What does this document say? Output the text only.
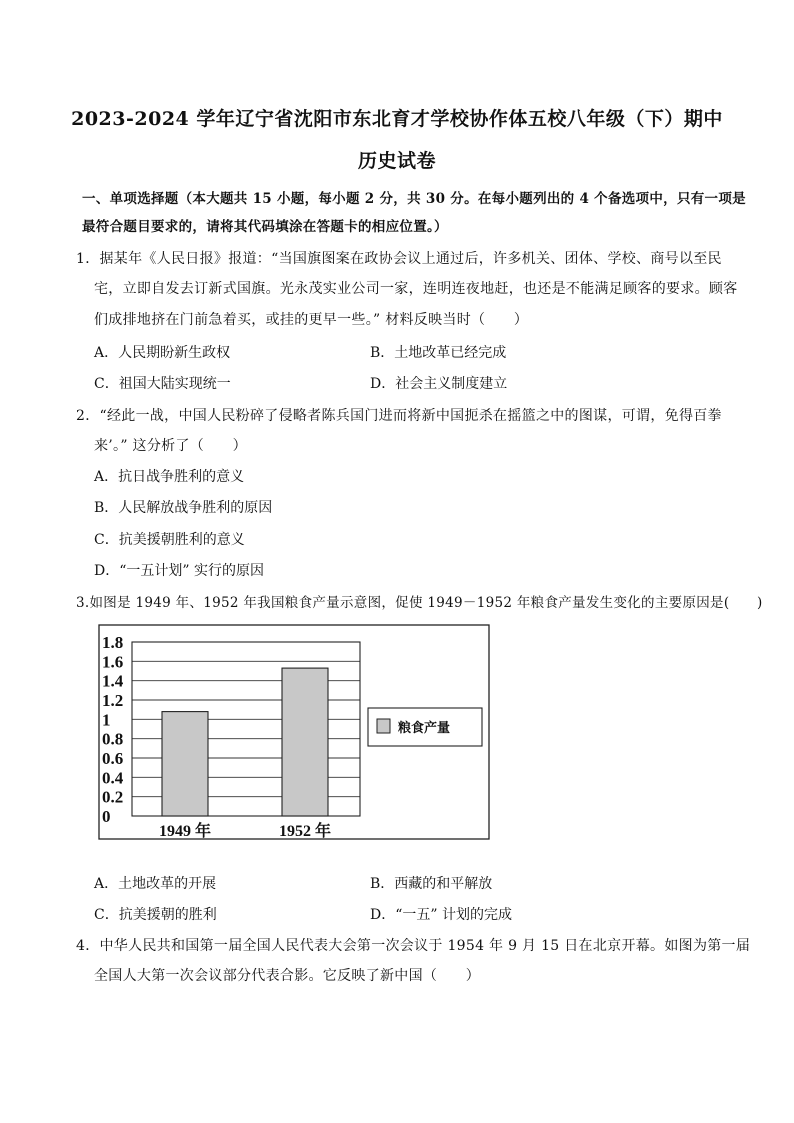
2023-2024 学年辽宁省沈阳市东北育才学校协作体五校八年级（下）期中
历史试卷
一、单项选择题（本大题共 15 小题，每小题 2 分，共 30 分。在每小题列出的 4 个备选项中，只有一项是
最符合题目要求的，请将其代码填涂在答题卡的相应位置。）
1．据某年《人民日报》报道：“当国旗图案在政协会议上通过后，许多机关、团体、学校、商号以至民
宅，立即自发去订新式国旗。光永茂实业公司一家，连明连夜地赶，也还是不能满足顾客的要求。顾客
们成排地挤在门前急着买，或挂的更早一些。” 材料反映当时（　　）
A．人民期盼新生政权	B．土地改革已经完成
C．祖国大陆实现统一	D．社会主义制度建立
2．“经此一战，中国人民粉碎了侵略者陈兵国门进而将新中国扼杀在摇篮之中的图谋，可谓，免得百拳
来’。” 这分析了（　　）
A．抗日战争胜利的意义
B．人民解放战争胜利的原因
C．抗美援朝胜利的意义
D．“一五计划” 实行的原因
3.如图是 1949 年、1952 年我国粮食产量示意图，促使 1949－1952 年粮食产量发生变化的主要原因是(　　)
0
0.2
0.4
0.6
0.8
1
1.2
1.4
1.6
1.8
1949 年	1952 年
粮食产量
A．土地改革的开展	B．西藏的和平解放
C．抗美援朝的胜利	D．“一五” 计划的完成
4．中华人民共和国第一届全国人民代表大会第一次会议于 1954 年 9 月 15 日在北京开幕。如图为第一届
全国人大第一次会议部分代表合影。它反映了新中国（　　）
